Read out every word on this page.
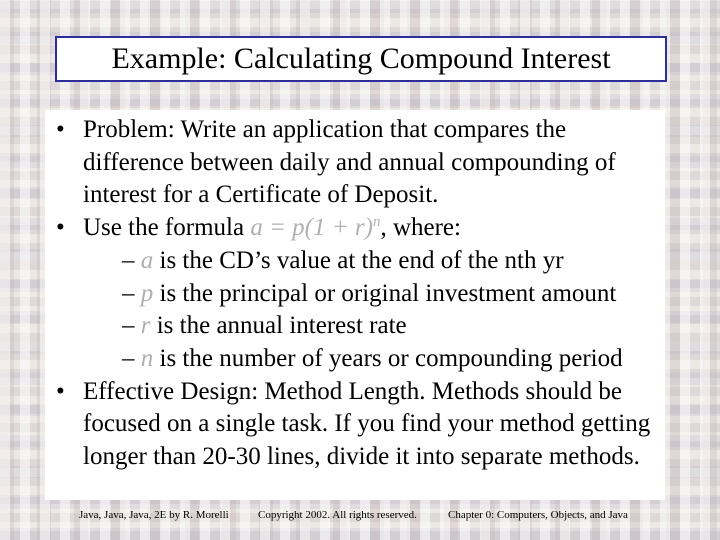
Example: Calculating Compound Interest

• Problem: Write an application that compares the difference between daily and annual compounding of interest for a Certificate of Deposit.

• Use the formula $a = p(1 + r)^n$, where:

– a is the CD’s value at the end of the nth yr

– p is the principal or original investment amount

– r is the annual interest rate

– n is the number of years or compounding period

• Effective Design: Method Length. Methods should be focused on a single task. If you find your method getting longer than 20-30 lines, divide it into separate methods.

Java, Java, Java, 2E by R. Morelli	Copyright 2002. All rights reserved.	Chapter 0: Computers, Objects, and Java
